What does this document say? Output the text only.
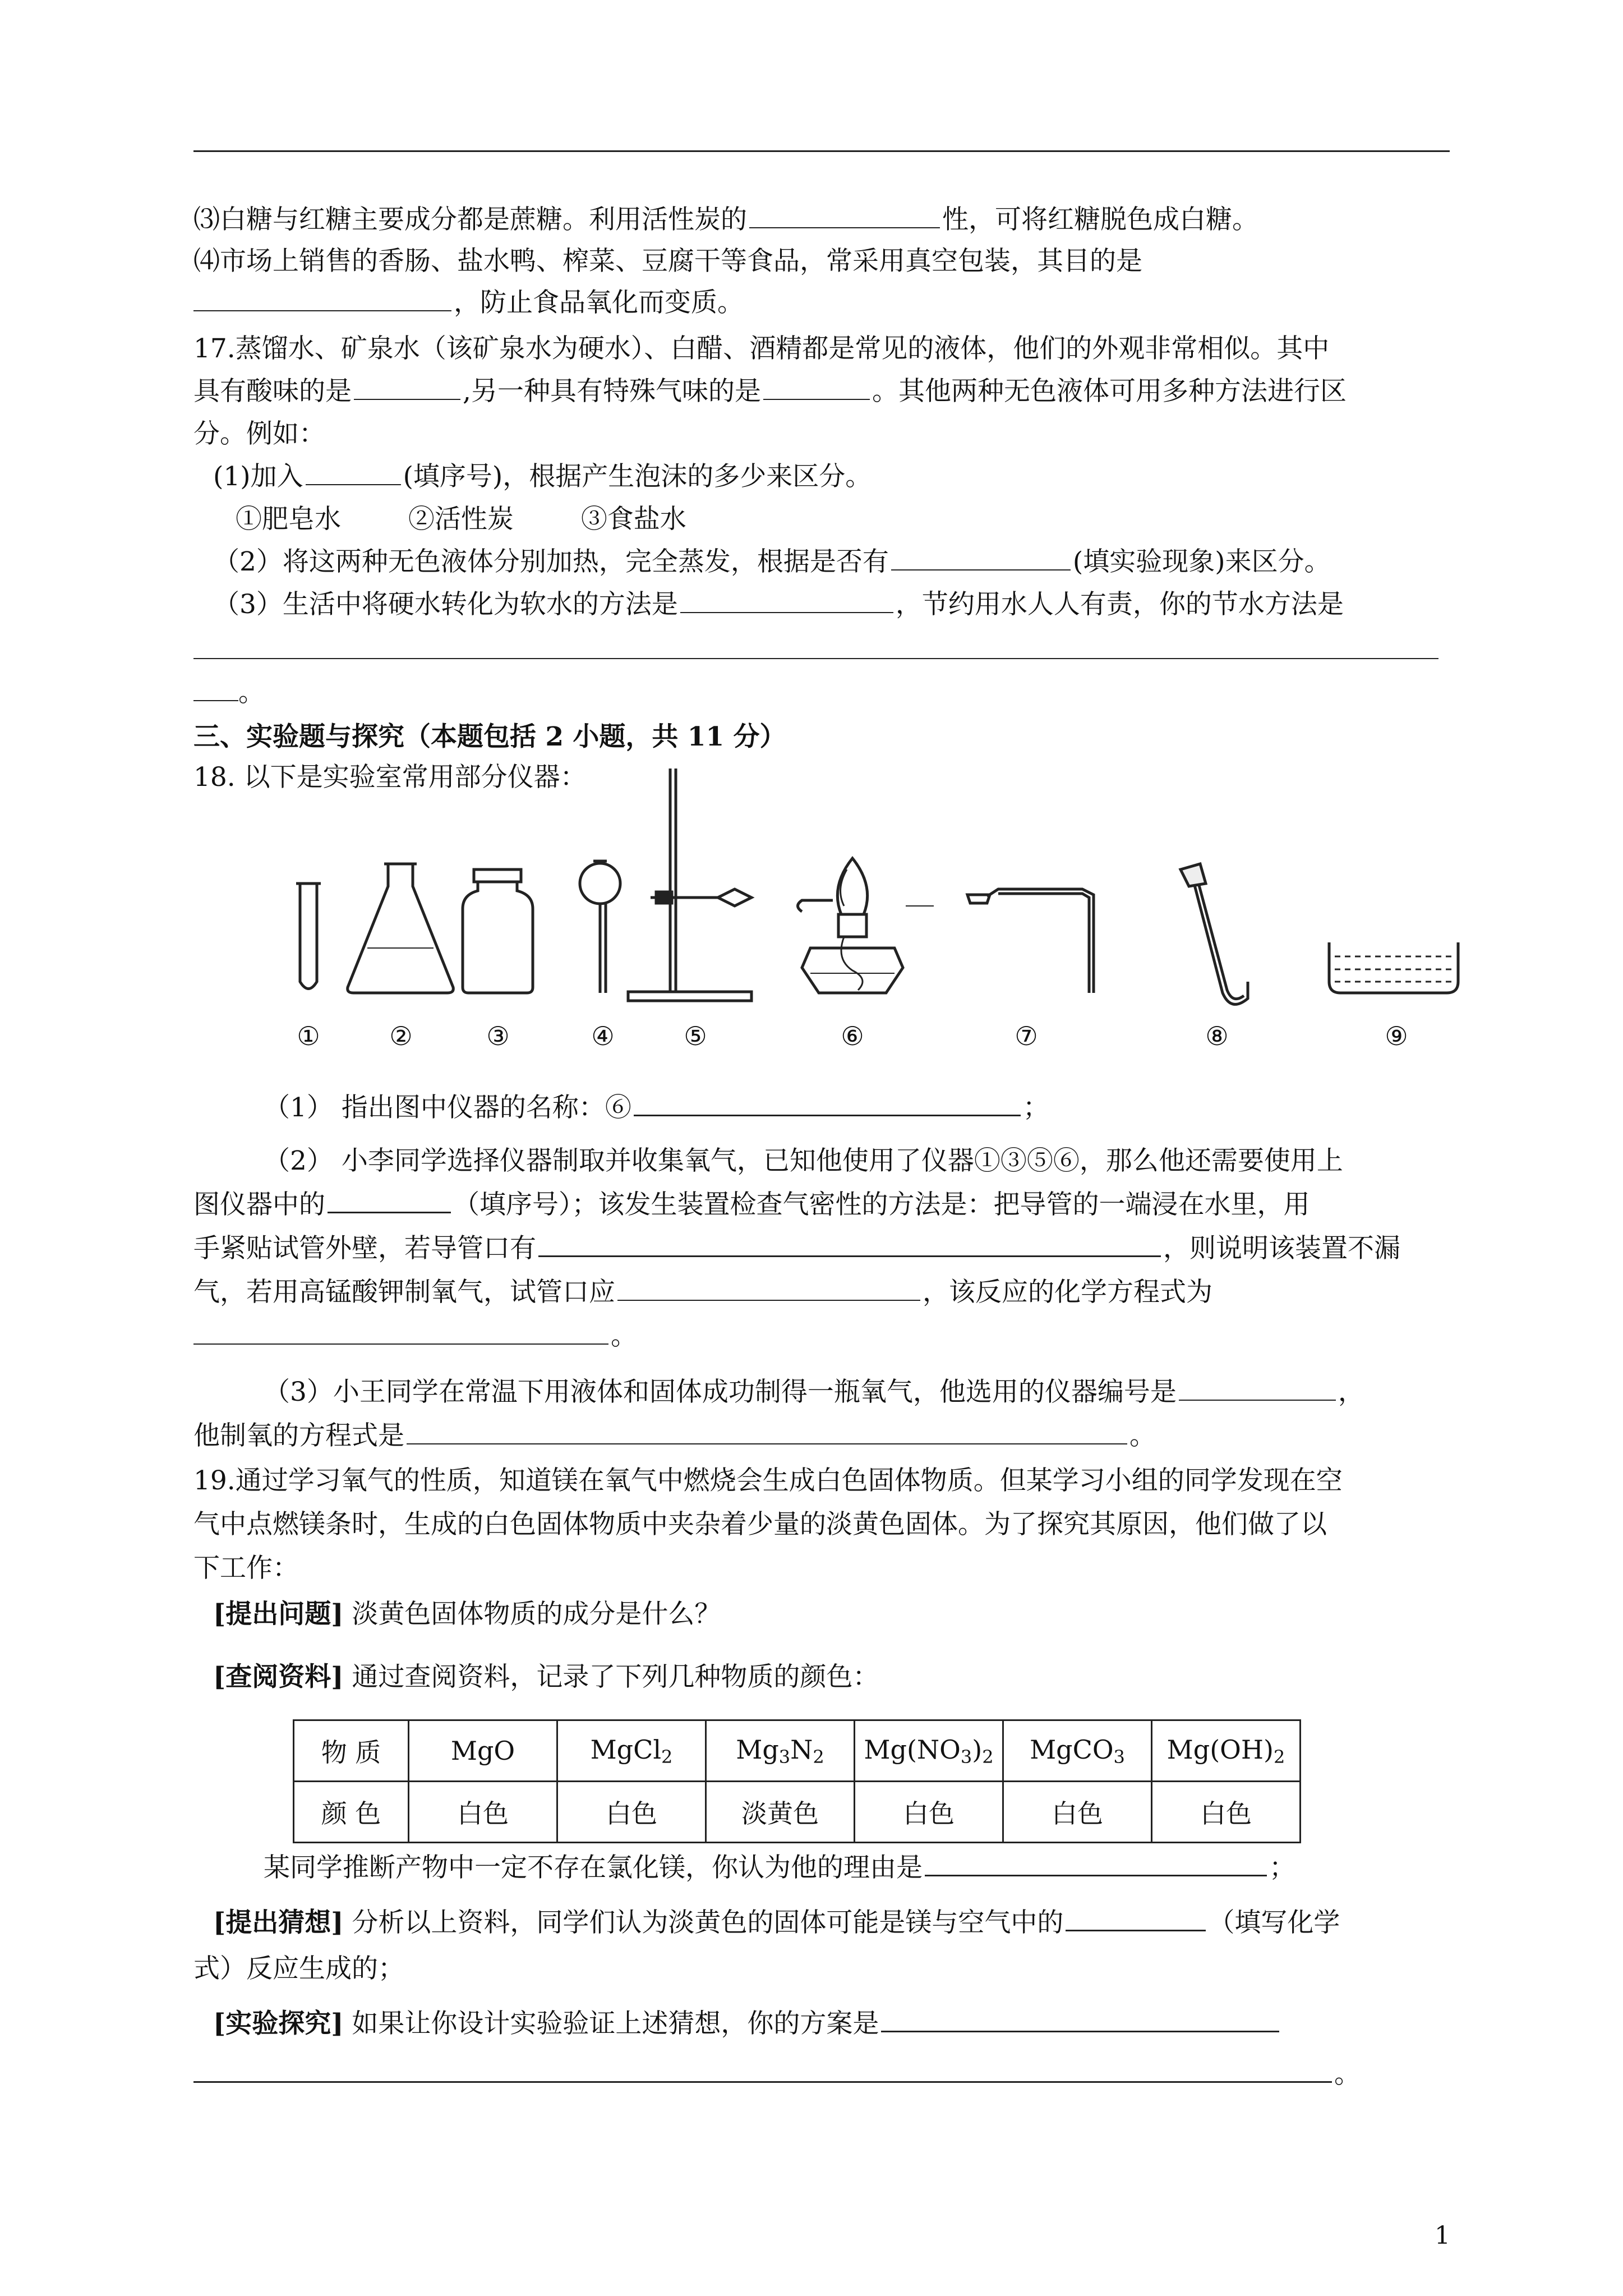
⑶白糖与红糖主要成分都是蔗糖。利用活性炭的	性，可将红糖脱色成白糖。
⑷市场上销售的香肠、盐水鸭、榨菜、豆腐干等食品，常采用真空包装，其目的是
，防止食品氧化而变质。
17.蒸馏水、矿泉水（该矿泉水为硬水）、白醋、酒精都是常见的液体，他们的外观非常相似。其中
具有酸味的是	,另一种具有特殊气味的是	。其他两种无色液体可用多种方法进行区
分。例如：
(1)加入	(填序号)，根据产生泡沫的多少来区分。
①肥皂水	②活性炭	③食盐水
（2）将这两种无色液体分别加热，完全蒸发，根据是否有	(填实验现象)来区分。
（3）生活中将硬水转化为软水的方法是	，节约用水人人有责，你的节水方法是
。
三、实验题与探究（本题包括 2 小题，共 11 分）
18. 以下是实验室常用部分仪器：
①	②	③	④	⑤	⑥	⑦	⑧	⑨
（1） 指出图中仪器的名称：⑥	；
（2） 小李同学选择仪器制取并收集氧气，已知他使用了仪器①③⑤⑥，那么他还需要使用上
图仪器中的	（填序号）；该发生装置检查气密性的方法是：把导管的一端浸在水里，用
手紧贴试管外壁，若导管口有	，则说明该装置不漏
气，若用高锰酸钾制氧气，试管口应	，该反应的化学方程式为
。
（3）小王同学在常温下用液体和固体成功制得一瓶氧气，他选用的仪器编号是	，
他制氧的方程式是	。
19.通过学习氧气的性质，知道镁在氧气中燃烧会生成白色固体物质。但某学习小组的同学发现在空
气中点燃镁条时，生成的白色固体物质中夹杂着少量的淡黄色固体。为了探究其原因，他们做了以
下工作：
[提出问题] 淡黄色固体物质的成分是什么？
[查阅资料] 通过查阅资料，记录了下列几种物质的颜色：
物 质	MgO	MgCl$_2$	$Mg_3N_2$	$Mg(NO_3)_2$	MgCO$_3$	$Mg(OH)_2$
颜 色	白色	白色	淡黄色	白色	白色	白色
某同学推断产物中一定不存在氯化镁，你认为他的理由是	；
[提出猜想] 分析以上资料，同学们认为淡黄色的固体可能是镁与空气中的	（填写化学
式）反应生成的；
[实验探究] 如果让你设计实验验证上述猜想，你的方案是
。
1
